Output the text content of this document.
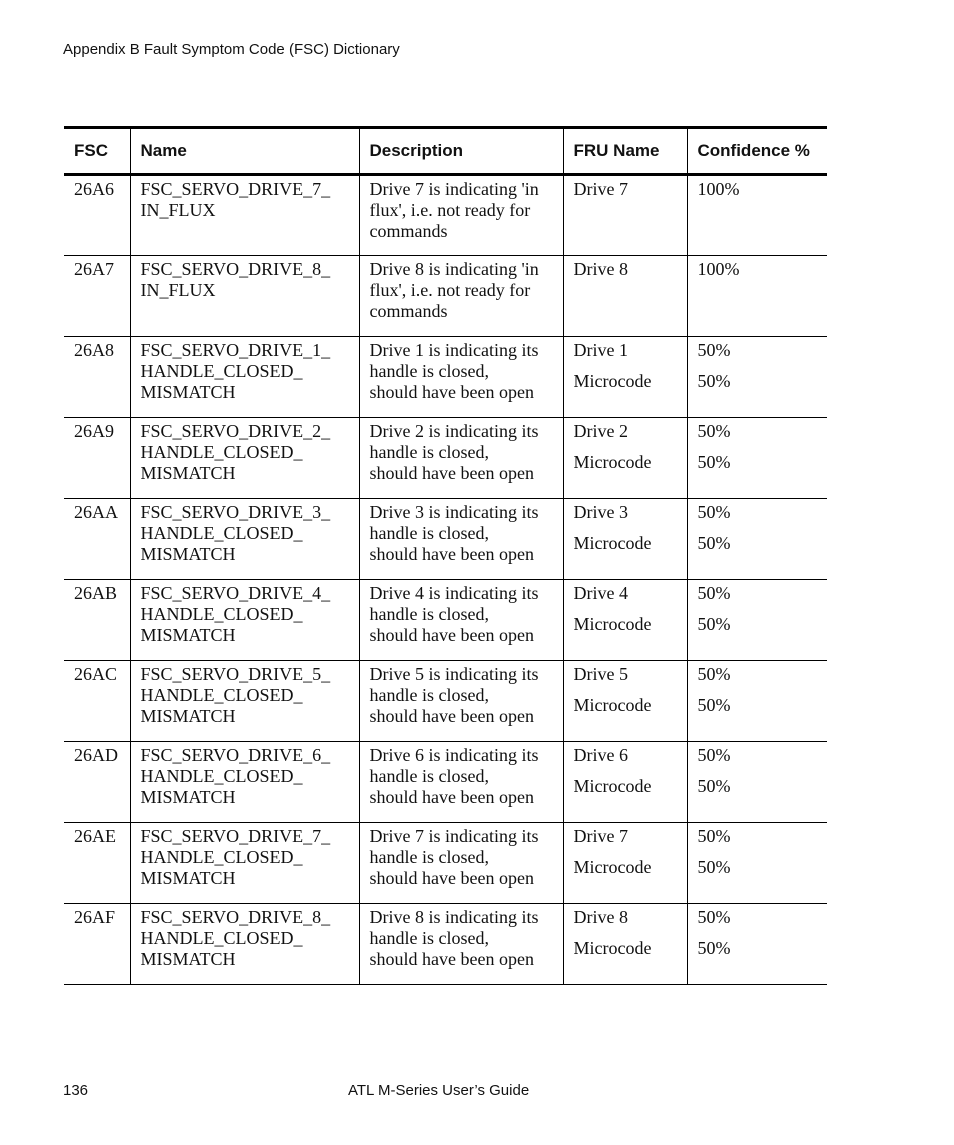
Appendix B Fault Symptom Code (FSC) Dictionary
FSC	Name	Description	FRU Name	Confidence %
26A6	FSC_SERVO_DRIVE_7_
IN_FLUX	Drive 7 is indicating 'in
flux', i.e. not ready for
commands	Drive 7	100%

26A7	FSC_SERVO_DRIVE_8_
IN_FLUX	Drive 8 is indicating 'in
flux', i.e. not ready for
commands	Drive 8	100%

26A8	FSC_SERVO_DRIVE_1_
HANDLE_CLOSED_
MISMATCH	Drive 1 is indicating its
handle is closed,
should have been open	Drive 1
Microcode	50%
50%

26A9	FSC_SERVO_DRIVE_2_
HANDLE_CLOSED_
MISMATCH	Drive 2 is indicating its
handle is closed,
should have been open	Drive 2
Microcode	50%
50%

26AA	FSC_SERVO_DRIVE_3_
HANDLE_CLOSED_
MISMATCH	Drive 3 is indicating its
handle is closed,
should have been open	Drive 3
Microcode	50%
50%

26AB	FSC_SERVO_DRIVE_4_
HANDLE_CLOSED_
MISMATCH	Drive 4 is indicating its
handle is closed,
should have been open	Drive 4
Microcode	50%
50%

26AC	FSC_SERVO_DRIVE_5_
HANDLE_CLOSED_
MISMATCH	Drive 5 is indicating its
handle is closed,
should have been open	Drive 5
Microcode	50%
50%

26AD	FSC_SERVO_DRIVE_6_
HANDLE_CLOSED_
MISMATCH	Drive 6 is indicating its
handle is closed,
should have been open	Drive 6
Microcode	50%
50%

26AE	FSC_SERVO_DRIVE_7_
HANDLE_CLOSED_
MISMATCH	Drive 7 is indicating its
handle is closed,
should have been open	Drive 7
Microcode	50%
50%

26AF	FSC_SERVO_DRIVE_8_
HANDLE_CLOSED_
MISMATCH	Drive 8 is indicating its
handle is closed,
should have been open	Drive 8
Microcode	50%
50%
136	ATL M-Series User’s Guide
